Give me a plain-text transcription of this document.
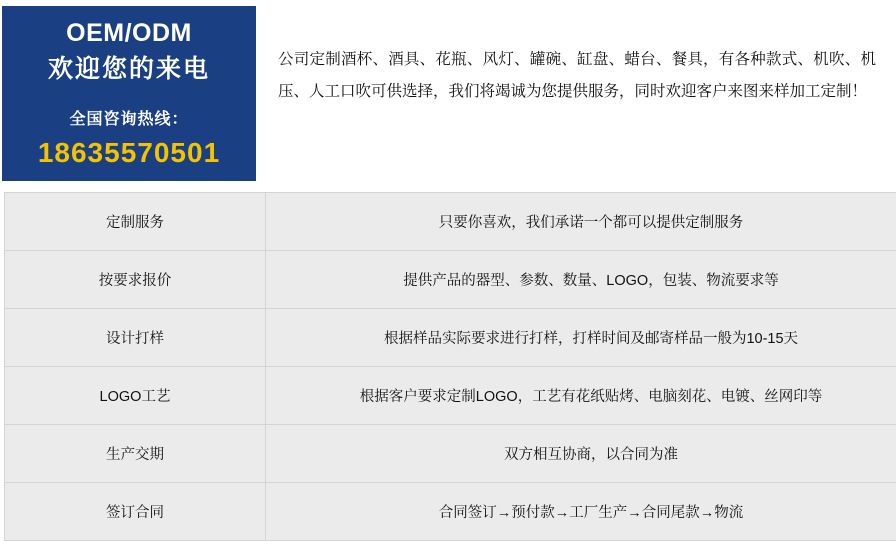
OEM/ODM
欢迎您的来电
全国咨询热线：
18635570501
公司定制酒杯、酒具、花瓶、风灯、罐碗、缸盘、蜡台、餐具，有各种款式、机吹、机压、人工口吹可供选择，我们将竭诚为您提供服务，同时欢迎客户来图来样加工定制！
定制服务	只要你喜欢，我们承诺一个都可以提供定制服务
按要求报价	提供产品的器型、参数、数量、LOGO，包装、物流要求等
设计打样	根据样品实际要求进行打样，打样时间及邮寄样品一般为10-15天
LOGO工艺	根据客户要求定制LOGO，工艺有花纸贴烤、电脑刻花、电镀、丝网印等
生产交期	双方相互协商，以合同为准
签订合同	合同签订→预付款→工厂生产→合同尾款→物流
